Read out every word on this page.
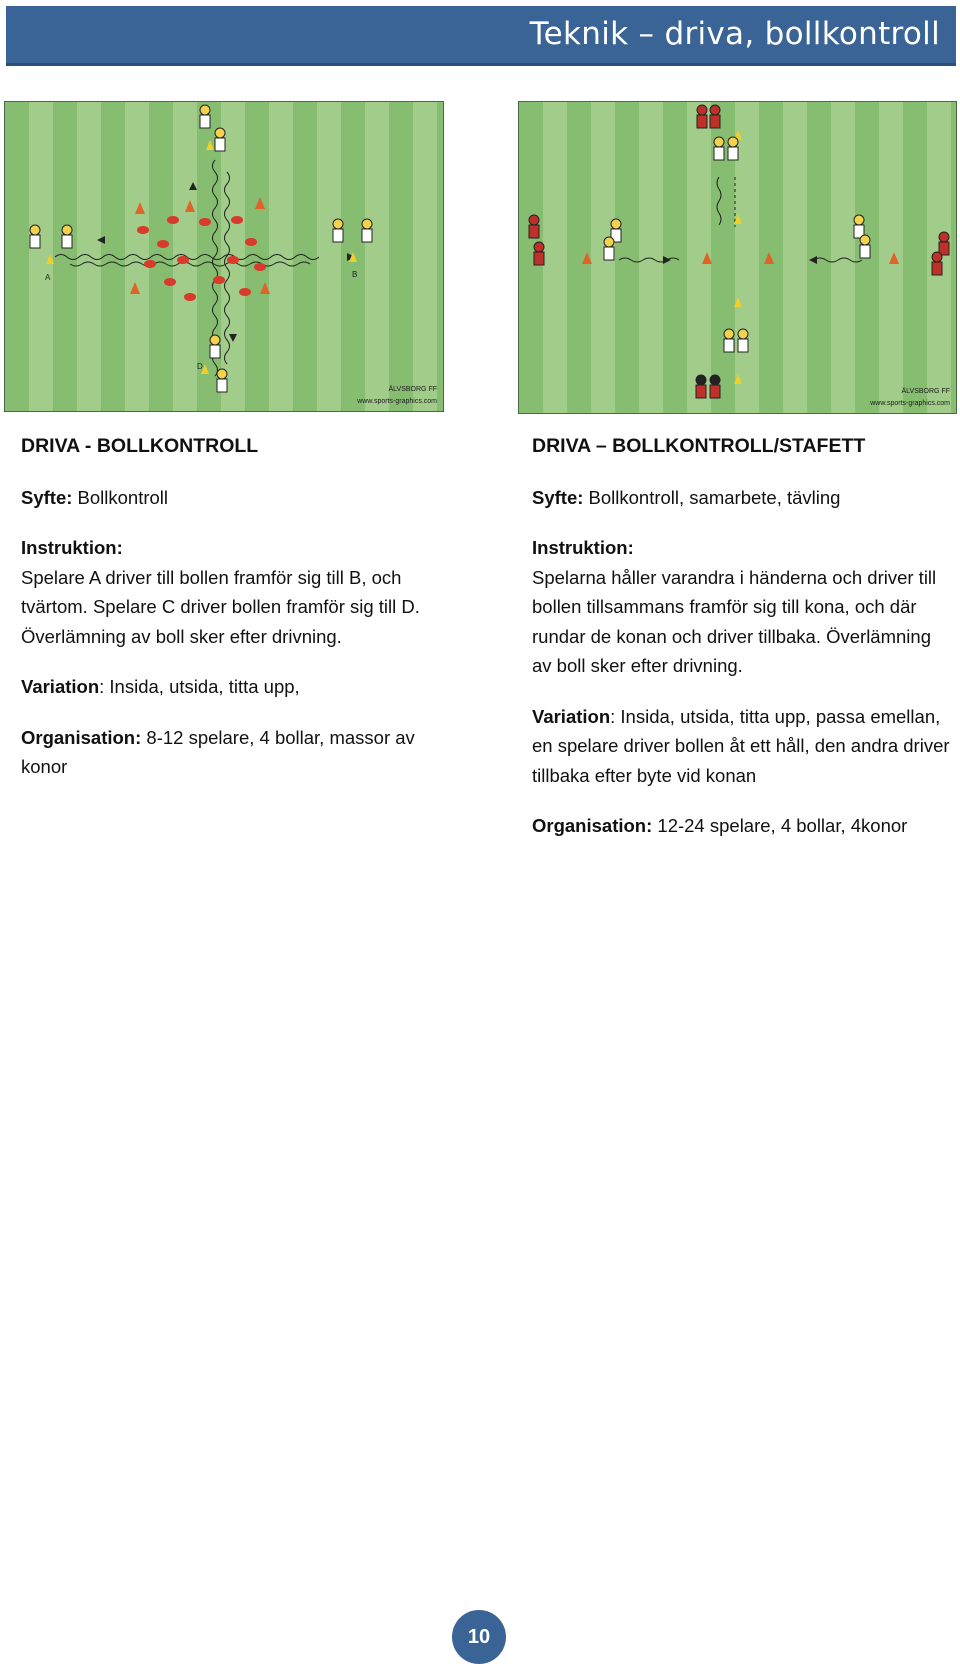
Teknik – driva, bollkontroll
A	B
D
ÄLVSBORG FF
www.sports-graphics.com
ÄLVSBORG FF
www.sports-graphics.com
DRIVA - BOLLKONTROLL
Syfte: Bollkontroll
Instruktion:
Spelare A driver till bollen framför sig till B, och tvärtom. Spelare C driver bollen framför sig till D. Överlämning av boll sker efter drivning.
Variation: Insida, utsida, titta upp,
Organisation: 8-12 spelare, 4 bollar, massor av konor
DRIVA – BOLLKONTROLL/STAFETT
Syfte: Bollkontroll, samarbete, tävling
Instruktion:
Spelarna håller varandra i händerna och driver till bollen tillsammans framför sig till kona, och där rundar de konan och driver tillbaka. Överlämning av boll sker efter drivning.
Variation: Insida, utsida, titta upp, passa emellan, en spelare driver bollen åt ett håll, den andra driver tillbaka efter byte vid konan
Organisation: 12-24 spelare, 4 bollar, 4konor
10
